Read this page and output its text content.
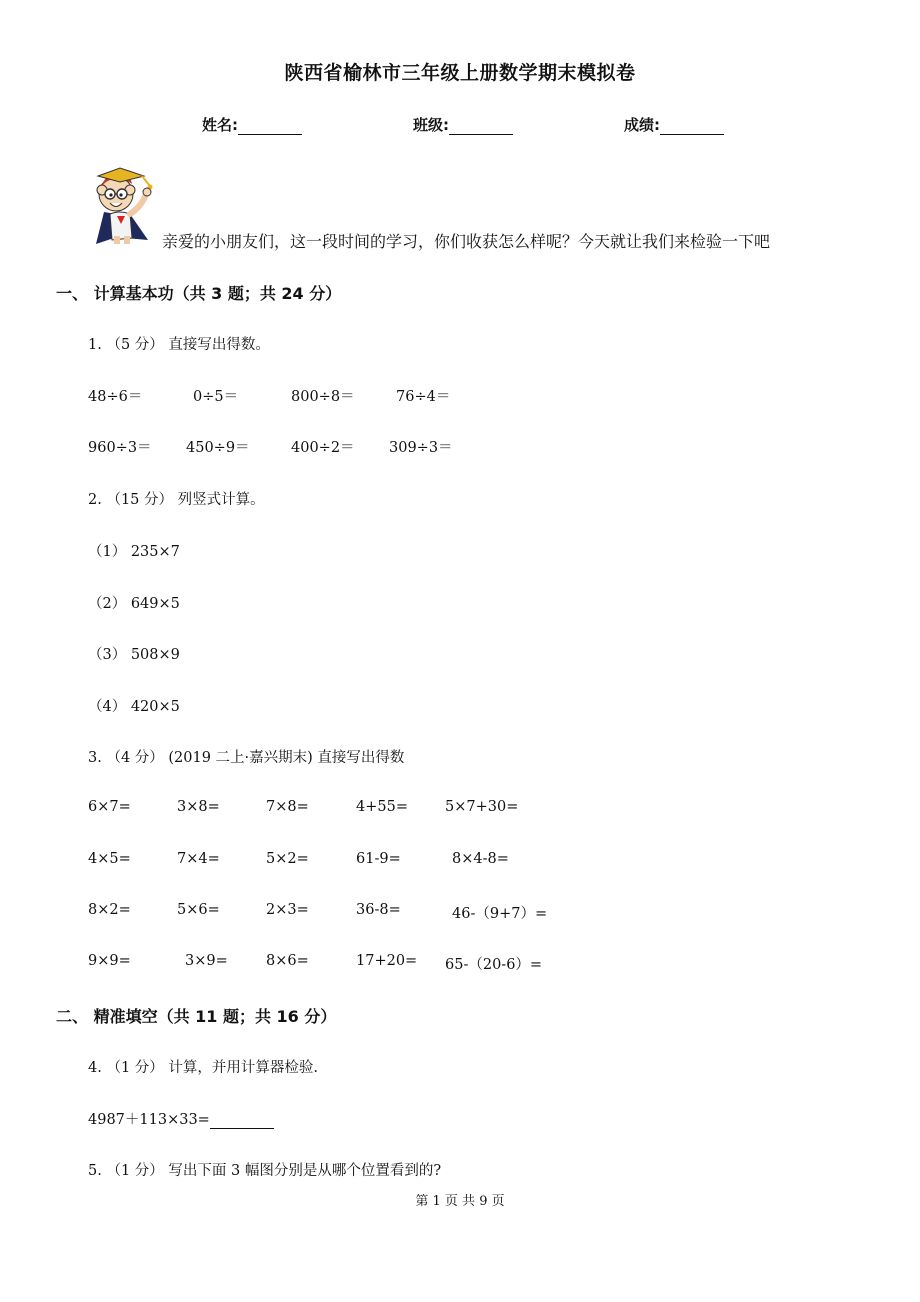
陕西省榆林市三年级上册数学期末模拟卷
姓名:	班级:	成绩:
亲爱的小朋友们，这一段时间的学习，你们收获怎么样呢？今天就让我们来检验一下吧
一、 计算基本功（共 3 题；共 24 分）
1. （5 分） 直接写出得数。
48÷6＝	0÷5＝	800÷8＝	76÷4＝
960÷3＝ 450÷9＝	400÷2＝ 309÷3＝
2. （15 分） 列竖式计算。
（1） 235×7
（2） 649×5
（3） 508×9
（4） 420×5
3. （4 分） (2019 二上·嘉兴期末) 直接写出得数
6×7=	3×8=	7×8=	4+55=	5×7+30=
4×5=	7×4=	5×2=	61-9=	8×4-8=
8×2=	5×6=	2×3=	36-8=	46-（9+7）=
9×9=	3×9=	8×6=	17+20= 65-（20-6）=
二、 精准填空（共 11 题；共 16 分）
4. （1 分） 计算，并用计算器检验.
4987＋113×33=
5. （1 分） 写出下面 3 幅图分别是从哪个位置看到的?
第 1 页 共 9 页
